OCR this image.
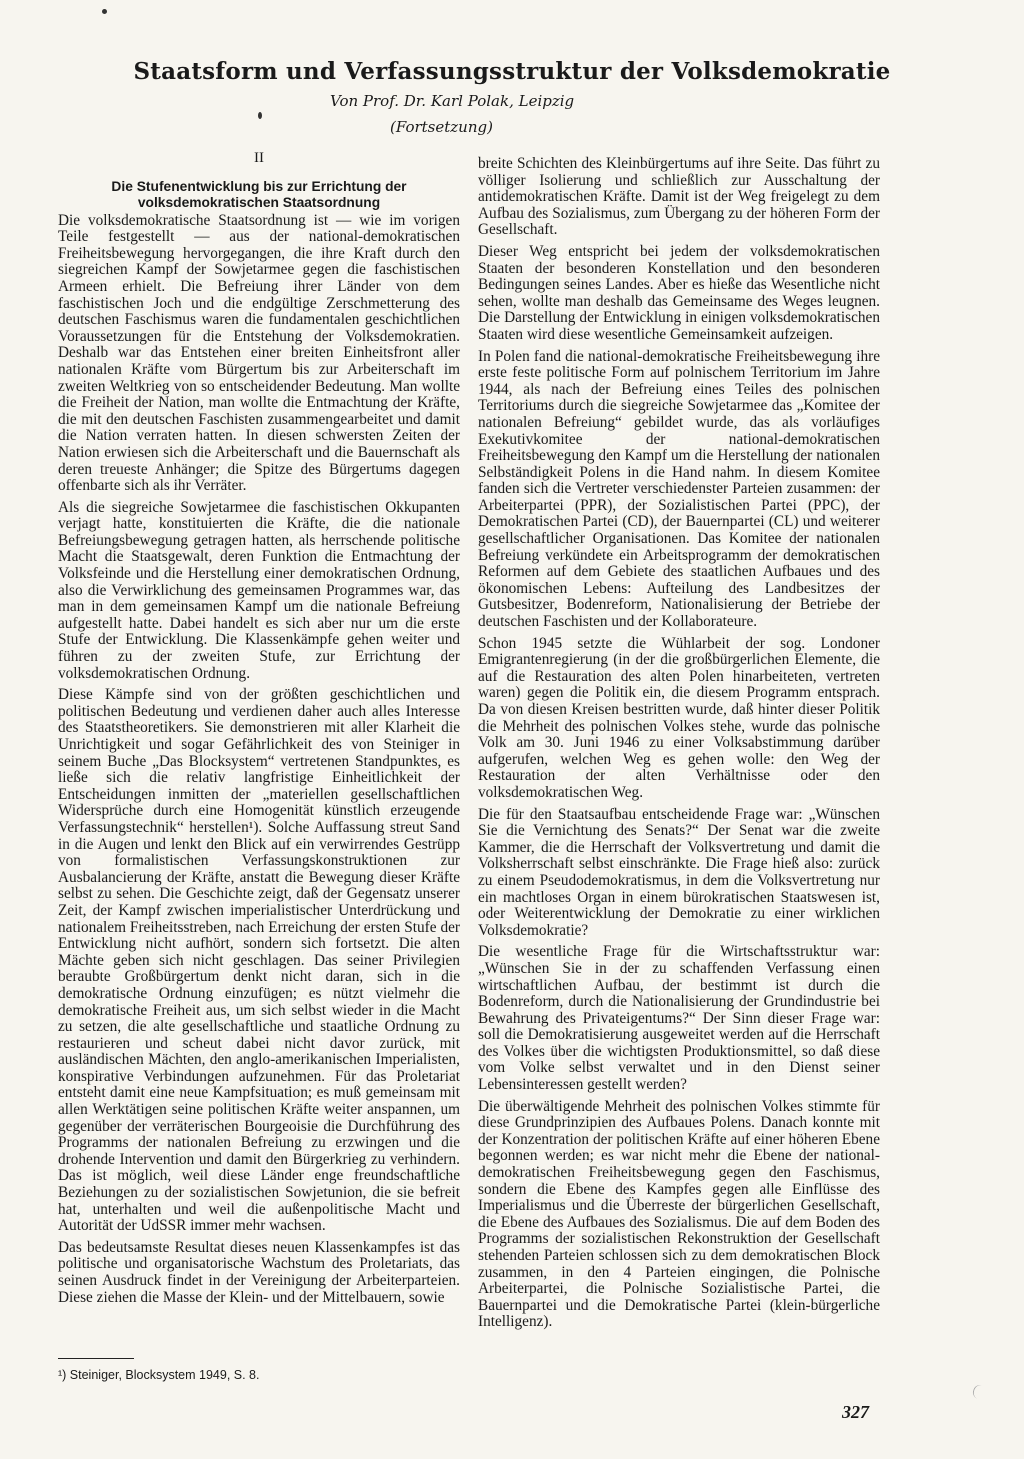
Staatsform und Verfassungsstruktur der Volksdemokratie
Von Prof. Dr. Karl Polak, Leipzig
(Fortsetzung)
II
Die Stufenentwicklung bis zur Errichtung der volksdemokratischen Staatsordnung

Die volksdemokratische Staatsordnung ist — wie im vorigen Teile festgestellt — aus der national-demokratischen Freiheitsbewegung hervorgegangen, die ihre Kraft durch den siegreichen Kampf der Sowjetarmee gegen die faschistischen Armeen erhielt. Die Befreiung ihrer Länder von dem faschistischen Joch und die endgültige Zerschmetterung des deutschen Faschismus waren die fundamentalen geschichtlichen Voraussetzungen für die Entstehung der Volksdemokratien. Deshalb war das Entstehen einer breiten Einheitsfront aller nationalen Kräfte vom Bürgertum bis zur Arbeiterschaft im zweiten Weltkrieg von so entscheidender Bedeutung. Man wollte die Freiheit der Nation, man wollte die Entmachtung der Kräfte, die mit den deutschen Faschisten zusammengearbeitet und damit die Nation verraten hatten. In diesen schwersten Zeiten der Nation erwiesen sich die Arbeiterschaft und die Bauernschaft als deren treueste Anhänger; die Spitze des Bürgertums dagegen offenbarte sich als ihr Verräter.

Als die siegreiche Sowjetarmee die faschistischen Okkupanten verjagt hatte, konstituierten die Kräfte, die die nationale Befreiungsbewegung getragen hatten, als herrschende politische Macht die Staatsgewalt, deren Funktion die Entmachtung der Volksfeinde und die Herstellung einer demokratischen Ordnung, also die Verwirklichung des gemeinsamen Programmes war, das man in dem gemeinsamen Kampf um die nationale Befreiung aufgestellt hatte. Dabei handelt es sich aber nur um die erste Stufe der Entwicklung. Die Klassenkämpfe gehen weiter und führen zu der zweiten Stufe, zur Errichtung der volksdemokratischen Ordnung.

Diese Kämpfe sind von der größten geschichtlichen und politischen Bedeutung und verdienen daher auch alles Interesse des Staatstheoretikers. Sie demonstrieren mit aller Klarheit die Unrichtigkeit und sogar Gefährlichkeit des von Steiniger in seinem Buche „Das Blocksystem“ vertretenen Standpunktes, es ließe sich die relativ langfristige Einheitlichkeit der Entscheidungen inmitten der „materiellen gesellschaftlichen Widersprüche durch eine Homogenität künstlich erzeugende Verfassungstechnik“ herstellen¹). Solche Auffassung streut Sand in die Augen und lenkt den Blick auf ein verwirrendes Gestrüpp von formalistischen Verfassungskonstruktionen zur Ausbalancierung der Kräfte, anstatt die Bewegung dieser Kräfte selbst zu sehen. Die Geschichte zeigt, daß der Gegensatz unserer Zeit, der Kampf zwischen imperialistischer Unterdrückung und nationalem Freiheitsstreben, nach Erreichung der ersten Stufe der Entwicklung nicht aufhört, sondern sich fortsetzt. Die alten Mächte geben sich nicht geschlagen. Das seiner Privilegien beraubte Großbürgertum denkt nicht daran, sich in die demokratische Ordnung einzufügen; es nützt vielmehr die demokratische Freiheit aus, um sich selbst wieder in die Macht zu setzen, die alte gesellschaftliche und staatliche Ordnung zu restaurieren und scheut dabei nicht davor zurück, mit ausländischen Mächten, den anglo-amerikanischen Imperialisten, konspirative Verbindungen aufzunehmen. Für das Proletariat entsteht damit eine neue Kampfsituation; es muß gemeinsam mit allen Werktätigen seine politischen Kräfte weiter anspannen, um gegenüber der verräterischen Bourgeoisie die Durchführung des Programms der nationalen Befreiung zu erzwingen und die drohende Intervention und damit den Bürgerkrieg zu verhindern. Das ist möglich, weil diese Länder enge freundschaftliche Beziehungen zu der sozialistischen Sowjetunion, die sie befreit hat, unterhalten und weil die außenpolitische Macht und Autorität der UdSSR immer mehr wachsen.

Das bedeutsamste Resultat dieses neuen Klassenkampfes ist das politische und organisatorische Wachstum des Proletariats, das seinen Ausdruck findet in der Vereinigung der Arbeiterparteien. Diese ziehen die Masse der Klein- und der Mittelbauern, sowie

breite Schichten des Kleinbürgertums auf ihre Seite. Das führt zu völliger Isolierung und schließlich zur Ausschaltung der antidemokratischen Kräfte. Damit ist der Weg freigelegt zu dem Aufbau des Sozialismus, zum Übergang zu der höheren Form der Gesellschaft.

Dieser Weg entspricht bei jedem der volksdemokratischen Staaten der besonderen Konstellation und den besonderen Bedingungen seines Landes. Aber es hieße das Wesentliche nicht sehen, wollte man deshalb das Gemeinsame des Weges leugnen. Die Darstellung der Entwicklung in einigen volksdemokratischen Staaten wird diese wesentliche Gemeinsamkeit aufzeigen.

In Polen fand die national-demokratische Freiheitsbewegung ihre erste feste politische Form auf polnischem Territorium im Jahre 1944, als nach der Befreiung eines Teiles des polnischen Territoriums durch die siegreiche Sowjetarmee das „Komitee der nationalen Befreiung“ gebildet wurde, das als vorläufiges Exekutivkomitee der national-demokratischen Freiheitsbewegung den Kampf um die Herstellung der nationalen Selbständigkeit Polens in die Hand nahm. In diesem Komitee fanden sich die Vertreter verschiedenster Parteien zusammen: der Arbeiterpartei (PPR), der Sozialistischen Partei (PPC), der Demokratischen Partei (CD), der Bauernpartei (CL) und weiterer gesellschaftlicher Organisationen. Das Komitee der nationalen Befreiung verkündete ein Arbeitsprogramm der demokratischen Reformen auf dem Gebiete des staatlichen Aufbaues und des ökonomischen Lebens: Aufteilung des Landbesitzes der Gutsbesitzer, Bodenreform, Nationalisierung der Betriebe der deutschen Faschisten und der Kollaborateure.

Schon 1945 setzte die Wühlarbeit der sog. Londoner Emigrantenregierung (in der die großbürgerlichen Elemente, die auf die Restauration des alten Polen hinarbeiteten, vertreten waren) gegen die Politik ein, die diesem Programm entsprach. Da von diesen Kreisen bestritten wurde, daß hinter dieser Politik die Mehrheit des polnischen Volkes stehe, wurde das polnische Volk am 30. Juni 1946 zu einer Volksabstimmung darüber aufgerufen, welchen Weg es gehen wolle: den Weg der Restauration der alten Verhältnisse oder den volksdemokratischen Weg.

Die für den Staatsaufbau entscheidende Frage war: „Wünschen Sie die Vernichtung des Senats?“ Der Senat war die zweite Kammer, die die Herrschaft der Volksvertretung und damit die Volksherrschaft selbst einschränkte. Die Frage hieß also: zurück zu einem Pseudodemokratismus, in dem die Volksvertretung nur ein machtloses Organ in einem bürokratischen Staatswesen ist, oder Weiterentwicklung der Demokratie zu einer wirklichen Volksdemokratie?

Die wesentliche Frage für die Wirtschaftsstruktur war: „Wünschen Sie in der zu schaffenden Verfassung einen wirtschaftlichen Aufbau, der bestimmt ist durch die Bodenreform, durch die Nationalisierung der Grundindustrie bei Bewahrung des Privateigentums?“ Der Sinn dieser Frage war: soll die Demokratisierung ausgeweitet werden auf die Herrschaft des Volkes über die wichtigsten Produktionsmittel, so daß diese vom Volke selbst verwaltet und in den Dienst seiner Lebensinteressen gestellt werden?

Die überwältigende Mehrheit des polnischen Volkes stimmte für diese Grundprinzipien des Aufbaues Polens. Danach konnte mit der Konzentration der politischen Kräfte auf einer höheren Ebene begonnen werden; es war nicht mehr die Ebene der national-demokratischen Freiheitsbewegung gegen den Faschismus, sondern die Ebene des Kampfes gegen alle Einflüsse des Imperialismus und die Überreste der bürgerlichen Gesellschaft, die Ebene des Aufbaues des Sozialismus. Die auf dem Boden des Programms der sozialistischen Rekonstruktion der Gesellschaft stehenden Parteien schlossen sich zu dem demokratischen Block zusammen, in den 4 Parteien eingingen, die Polnische Arbeiterpartei, die Polnische Sozialistische Partei, die Bauernpartei und die Demokratische Partei (klein-bürgerliche Intelligenz).

¹) Steiniger, Blocksystem 1949, S. 8.
327
